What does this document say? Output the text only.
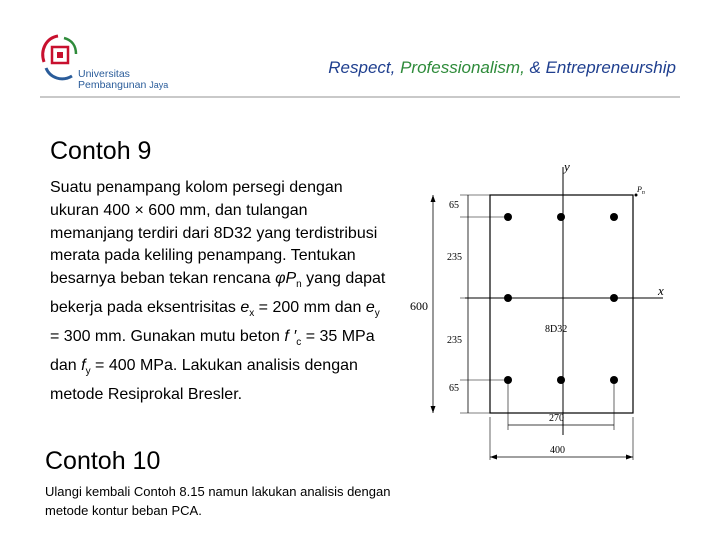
Universitas
Pembangunan Jaya
Respect, Professionalism, & Entrepreneurship
Contoh 9
Suatu penampang kolom persegi dengan ukuran 400 × 600 mm, dan tulangan memanjang terdiri dari 8D32 yang terdistribusi merata pada keliling penampang. Tentukan besarnya beban tekan rencana $\varphi P_n$ yang dapat bekerja pada eksentrisitas $e_x = 200$ mm dan $e_y = 300$ mm. Gunakan mutu beton f $'_c = 35$ MPa dan $f_y = 400$ MPa. Lakukan analisis dengan metode Resiprokal Bresler.
Contoh 10
Ulangi kembali Contoh 8.15 namun lakukan analisis dengan metode kontur beban PCA.
y
x
$P_n$
8D32
600
65
235
235
65
270
400
